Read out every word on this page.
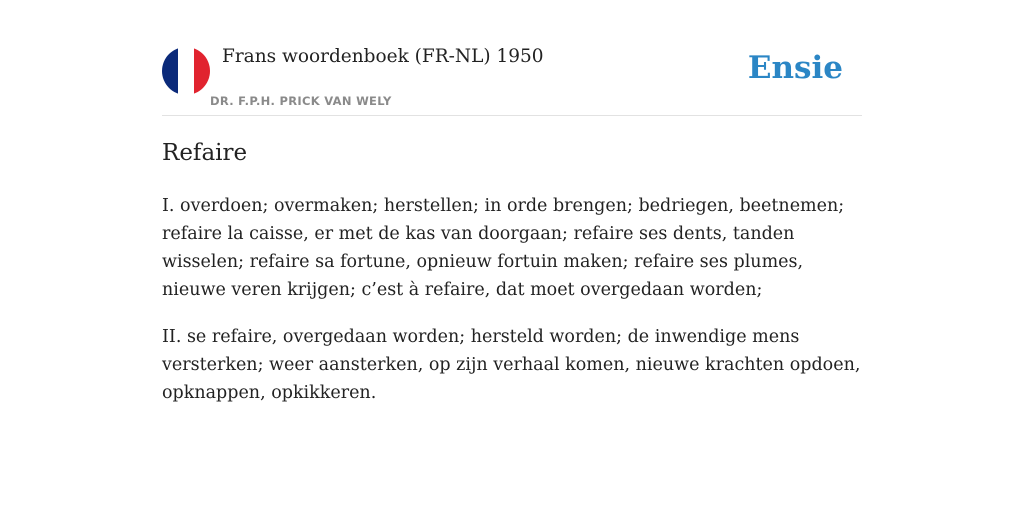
Frans woordenboek (FR-NL) 1950
DR. F.P.H. PRICK VAN WELY
Ensie
Refaire

I. overdoen; overmaken; herstellen; in orde brengen; bedriegen, beetnemen; refaire la caisse, er met de kas van doorgaan; refaire ses dents, tanden wisselen; refaire sa fortune, opnieuw fortuin maken; refaire ses plumes, nieuwe veren krijgen; c’est à refaire, dat moet overgedaan worden;

II. se refaire, overgedaan worden; hersteld worden; de inwendige mens versterken; weer aansterken, op zijn verhaal komen, nieuwe krachten opdoen, opknappen, opkikkeren.
